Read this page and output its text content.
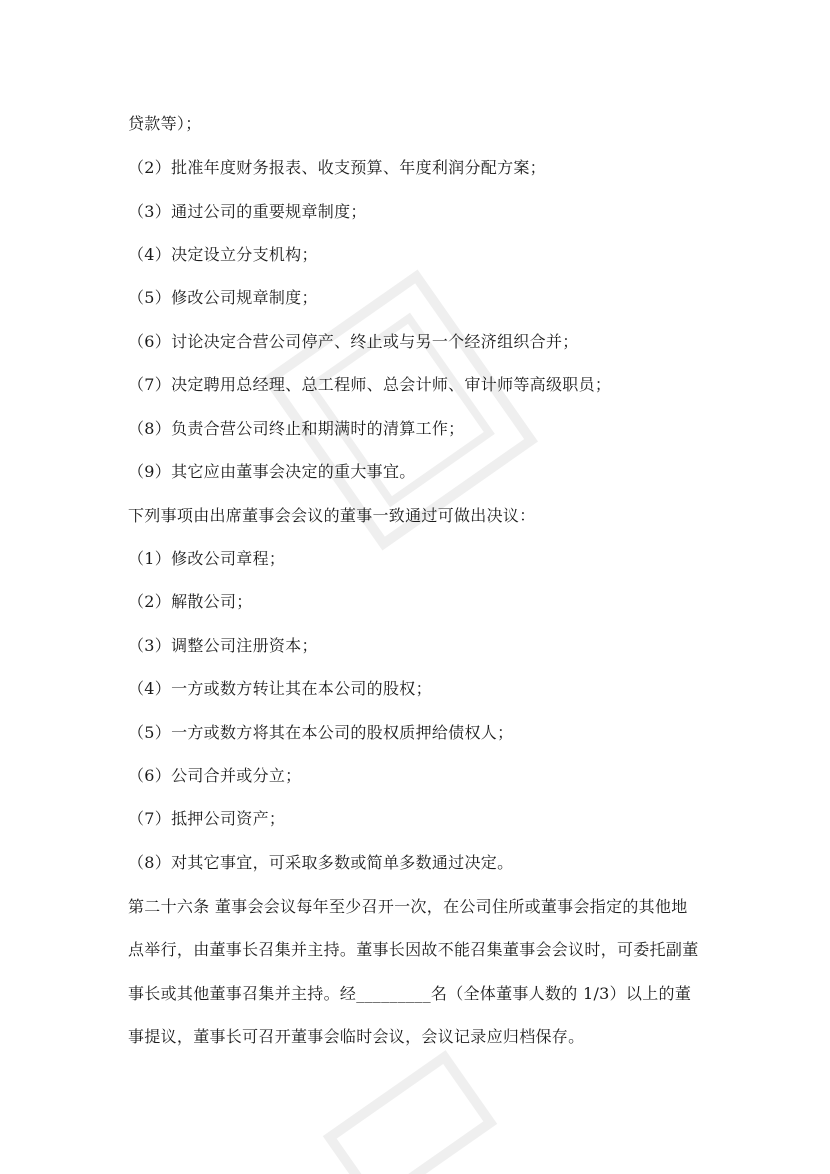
贷款等）；
（2）批准年度财务报表、收支预算、年度利润分配方案；
（3）通过公司的重要规章制度；
（4）决定设立分支机构；
（5）修改公司规章制度；
（6）讨论决定合营公司停产、终止或与另一个经济组织合并；
（7）决定聘用总经理、总工程师、总会计师、审计师等高级职员；
（8）负责合营公司终止和期满时的清算工作；
（9）其它应由董事会决定的重大事宜。
下列事项由出席董事会会议的董事一致通过可做出决议：
（1）修改公司章程；
（2）解散公司；
（3）调整公司注册资本；
（4）一方或数方转让其在本公司的股权；
（5）一方或数方将其在本公司的股权质押给债权人；
（6）公司合并或分立；
（7）抵押公司资产；
（8）对其它事宜，可采取多数或简单多数通过决定。
第二十六条 董事会会议每年至少召开一次，在公司住所或董事会指定的其他地
点举行，由董事长召集并主持。董事长因故不能召集董事会会议时，可委托副董
事长或其他董事召集并主持。经_________名（全体董事人数的 1/3）以上的董
事提议，董事长可召开董事会临时会议，会议记录应归档保存。
